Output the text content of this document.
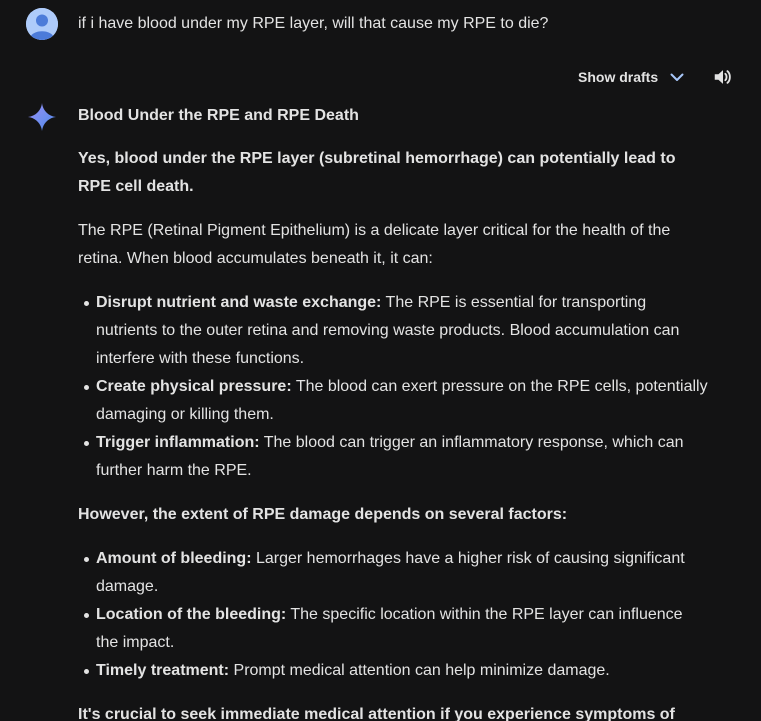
if i have blood under my RPE layer, will that cause my RPE to die?
Show drafts

Blood Under the RPE and RPE Death

Yes, blood under the RPE layer (subretinal hemorrhage) can potentially lead to RPE cell death.

The RPE (Retinal Pigment Epithelium) is a delicate layer critical for the health of the retina. When blood accumulates beneath it, it can:

Disrupt nutrient and waste exchange: The RPE is essential for transporting nutrients to the outer retina and removing waste products. Blood accumulation can interfere with these functions.
Create physical pressure: The blood can exert pressure on the RPE cells, potentially damaging or killing them.
Trigger inflammation: The blood can trigger an inflammatory response, which can further harm the RPE.

However, the extent of RPE damage depends on several factors:

Amount of bleeding: Larger hemorrhages have a higher risk of causing significant damage.
Location of the bleeding: The specific location within the RPE layer can influence the impact.
Timely treatment: Prompt medical attention can help minimize damage.

It's crucial to seek immediate medical attention if you experience symptoms of
